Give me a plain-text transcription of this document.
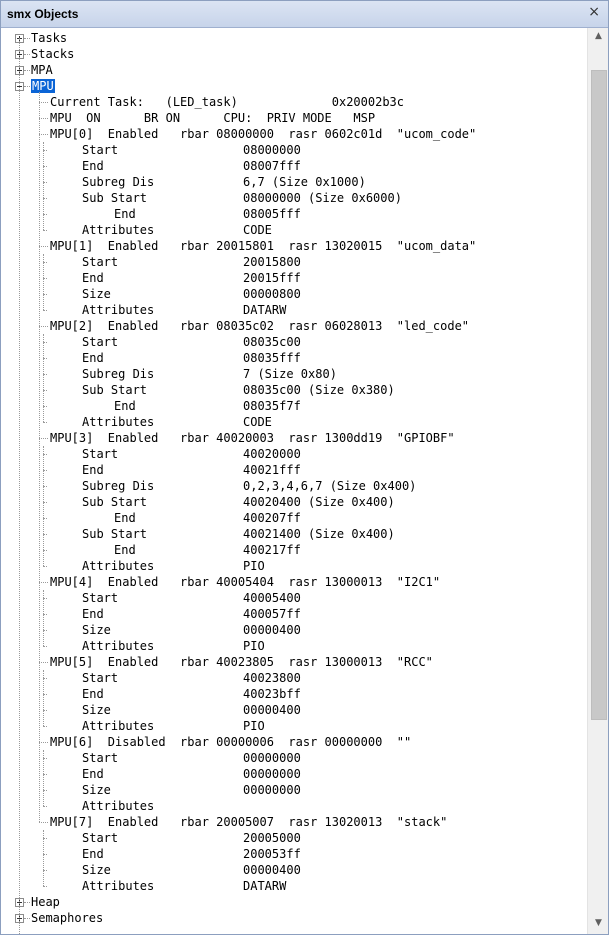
smx Objects	×
Tasks
Stacks
MPA
MPU
Current Task:   (LED_task)             0x20002b3c
MPU  ON      BR ON      CPU:  PRIV MODE   MSP
MPU[0]  Enabled   rbar 08000000  rasr 0602c01d  "ucom_code"
Start	08000000
End	08007fff
Subreg Dis	6,7 (Size 0x1000)
Sub Start	08000000 (Size 0x6000)
End	08005fff
Attributes	CODE
MPU[1]  Enabled   rbar 20015801  rasr 13020015  "ucom_data"
Start	20015800
End	20015fff
Size	00000800
Attributes	DATARW
MPU[2]  Enabled   rbar 08035c02  rasr 06028013  "led_code"
Start	08035c00
End	08035fff
Subreg Dis	7 (Size 0x80)
Sub Start	08035c00 (Size 0x380)
End	08035f7f
Attributes	CODE
MPU[3]  Enabled   rbar 40020003  rasr 1300dd19  "GPIOBF"
Start	40020000
End	40021fff
Subreg Dis	0,2,3,4,6,7 (Size 0x400)
Sub Start	40020400 (Size 0x400)
End	400207ff
Sub Start	40021400 (Size 0x400)
End	400217ff
Attributes	PIO
MPU[4]  Enabled   rbar 40005404  rasr 13000013  "I2C1"
Start	40005400
End	400057ff
Size	00000400
Attributes	PIO
MPU[5]  Enabled   rbar 40023805  rasr 13000013  "RCC"
Start	40023800
End	40023bff
Size	00000400
Attributes	PIO
MPU[6]  Disabled  rbar 00000006  rasr 00000000  ""
Start	00000000
End	00000000
Size	00000000
Attributes
MPU[7]  Enabled   rbar 20005007  rasr 13020013  "stack"
Start	20005000
End	200053ff
Size	00000400
Attributes	DATARW
Heap
Semaphores
▲
▼
